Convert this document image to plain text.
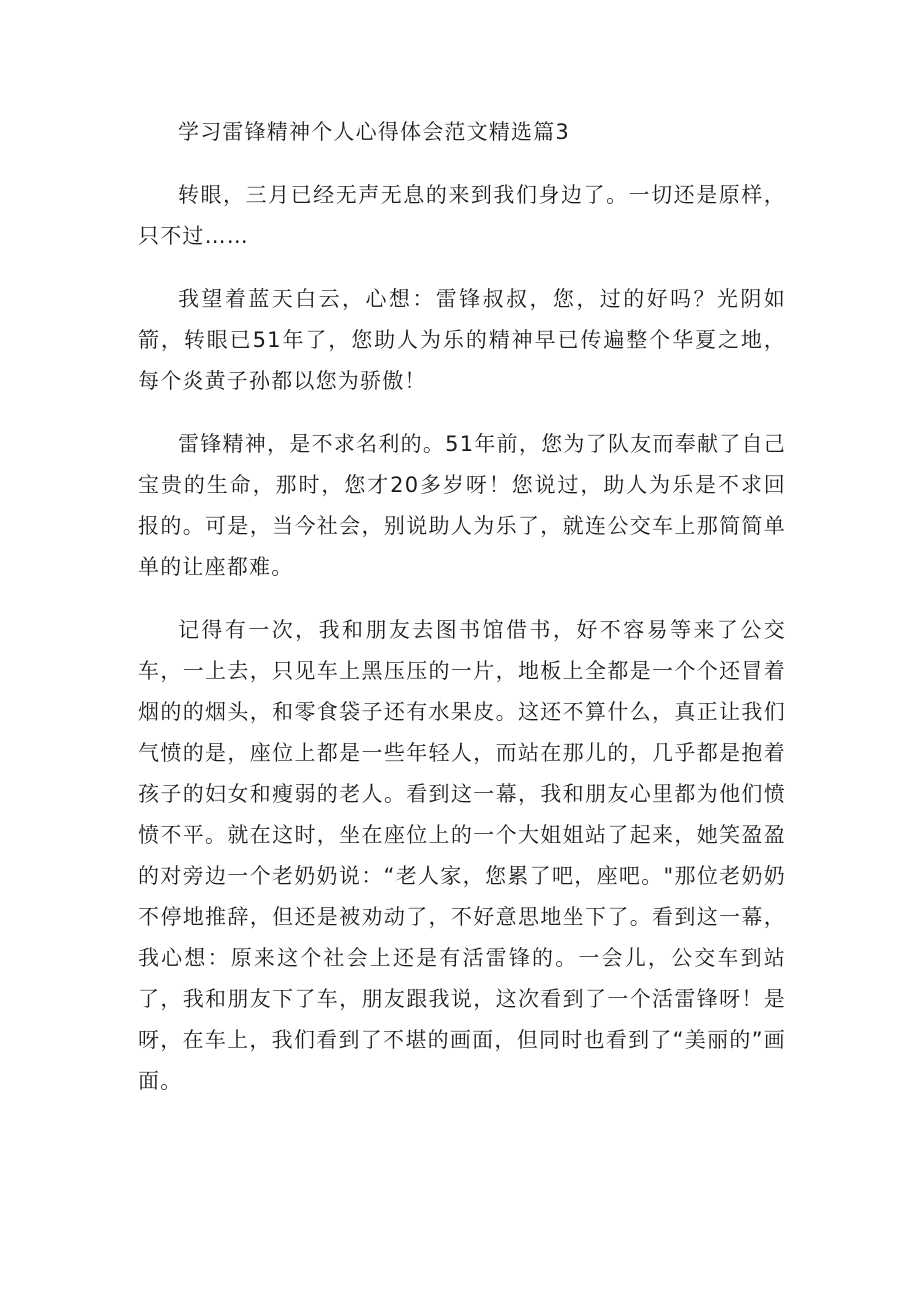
学习雷锋精神个人心得体会范文精选篇3

转眼，三月已经无声无息的来到我们身边了。一切还是原样，只不过……

我望着蓝天白云，心想：雷锋叔叔，您，过的好吗？光阴如箭，转眼已51年了，您助人为乐的精神早已传遍整个华夏之地，每个炎黄子孙都以您为骄傲！

雷锋精神，是不求名利的。51年前，您为了队友而奉献了自己宝贵的生命，那时，您才20多岁呀！您说过，助人为乐是不求回报的。可是，当今社会，别说助人为乐了，就连公交车上那简简单单的让座都难。

记得有一次，我和朋友去图书馆借书，好不容易等来了公交车，一上去，只见车上黑压压的一片，地板上全都是一个个还冒着烟的的烟头，和零食袋子还有水果皮。这还不算什么，真正让我们气愤的是，座位上都是一些年轻人，而站在那儿的，几乎都是抱着孩子的妇女和瘦弱的老人。看到这一幕，我和朋友心里都为他们愤愤不平。就在这时，坐在座位上的一个大姐姐站了起来，她笑盈盈的对旁边一个老奶奶说：“老人家，您累了吧，座吧。"那位老奶奶不停地推辞，但还是被劝动了，不好意思地坐下了。看到这一幕，我心想：原来这个社会上还是有活雷锋的。一会儿，公交车到站了，我和朋友下了车，朋友跟我说，这次看到了一个活雷锋呀！是呀，在车上，我们看到了不堪的画面，但同时也看到了“美丽的”画面。
